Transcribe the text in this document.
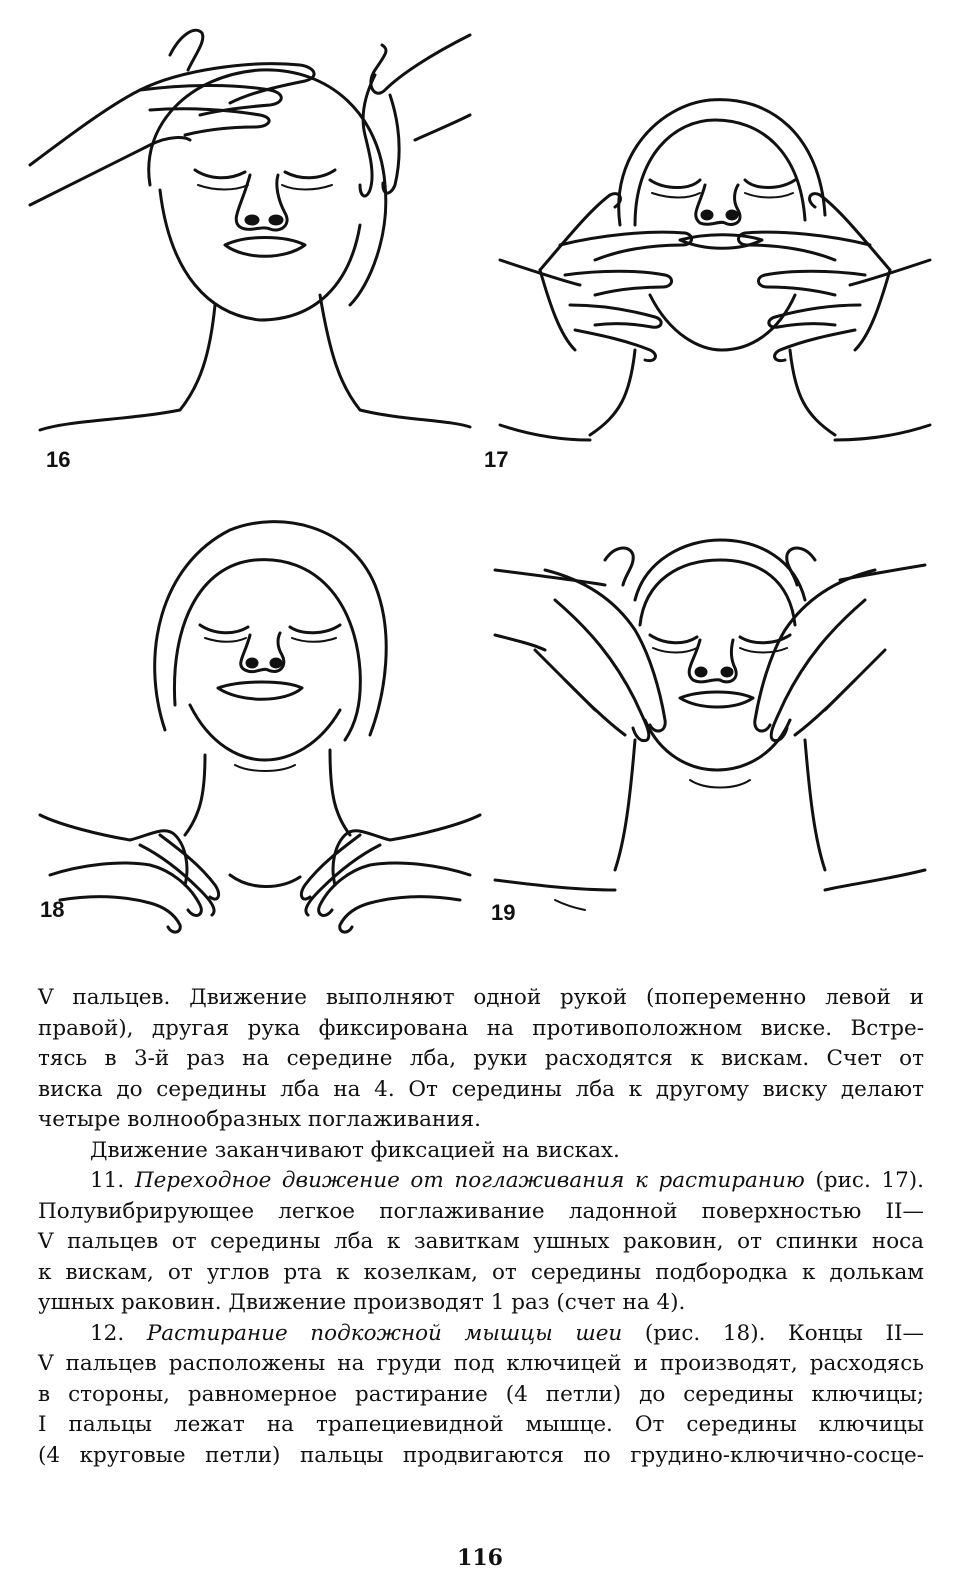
16	17
18	19
V пальцев. Движение выполняют одной рукой (попеременно левой и
правой), другая рука фиксирована на противоположном виске. Встре-
тясь в 3-й раз на середине лба, руки расходятся к вискам. Счет от
виска до середины лба на 4. От середины лба к другому виску делают
четыре волнообразных поглаживания.
Движение заканчивают фиксацией на висках.
11. Переходное движение от поглаживания к растиранию (рис. 17).
Полувибрирующее легкое поглаживание ладонной поверхностью II—
V пальцев от середины лба к завиткам ушных раковин, от спинки носа
к вискам, от углов рта к козелкам, от середины подбородка к долькам
ушных раковин. Движение производят 1 раз (счет на 4).
12. Растирание подкожной мышцы шеи (рис. 18). Концы II—
V пальцев расположены на груди под ключицей и производят, расходясь
в стороны, равномерное растирание (4 петли) до середины ключицы;
I пальцы лежат на трапециевидной мышце. От середины ключицы
(4 круговые петли) пальцы продвигаются по грудино-ключично-сосце-
116
